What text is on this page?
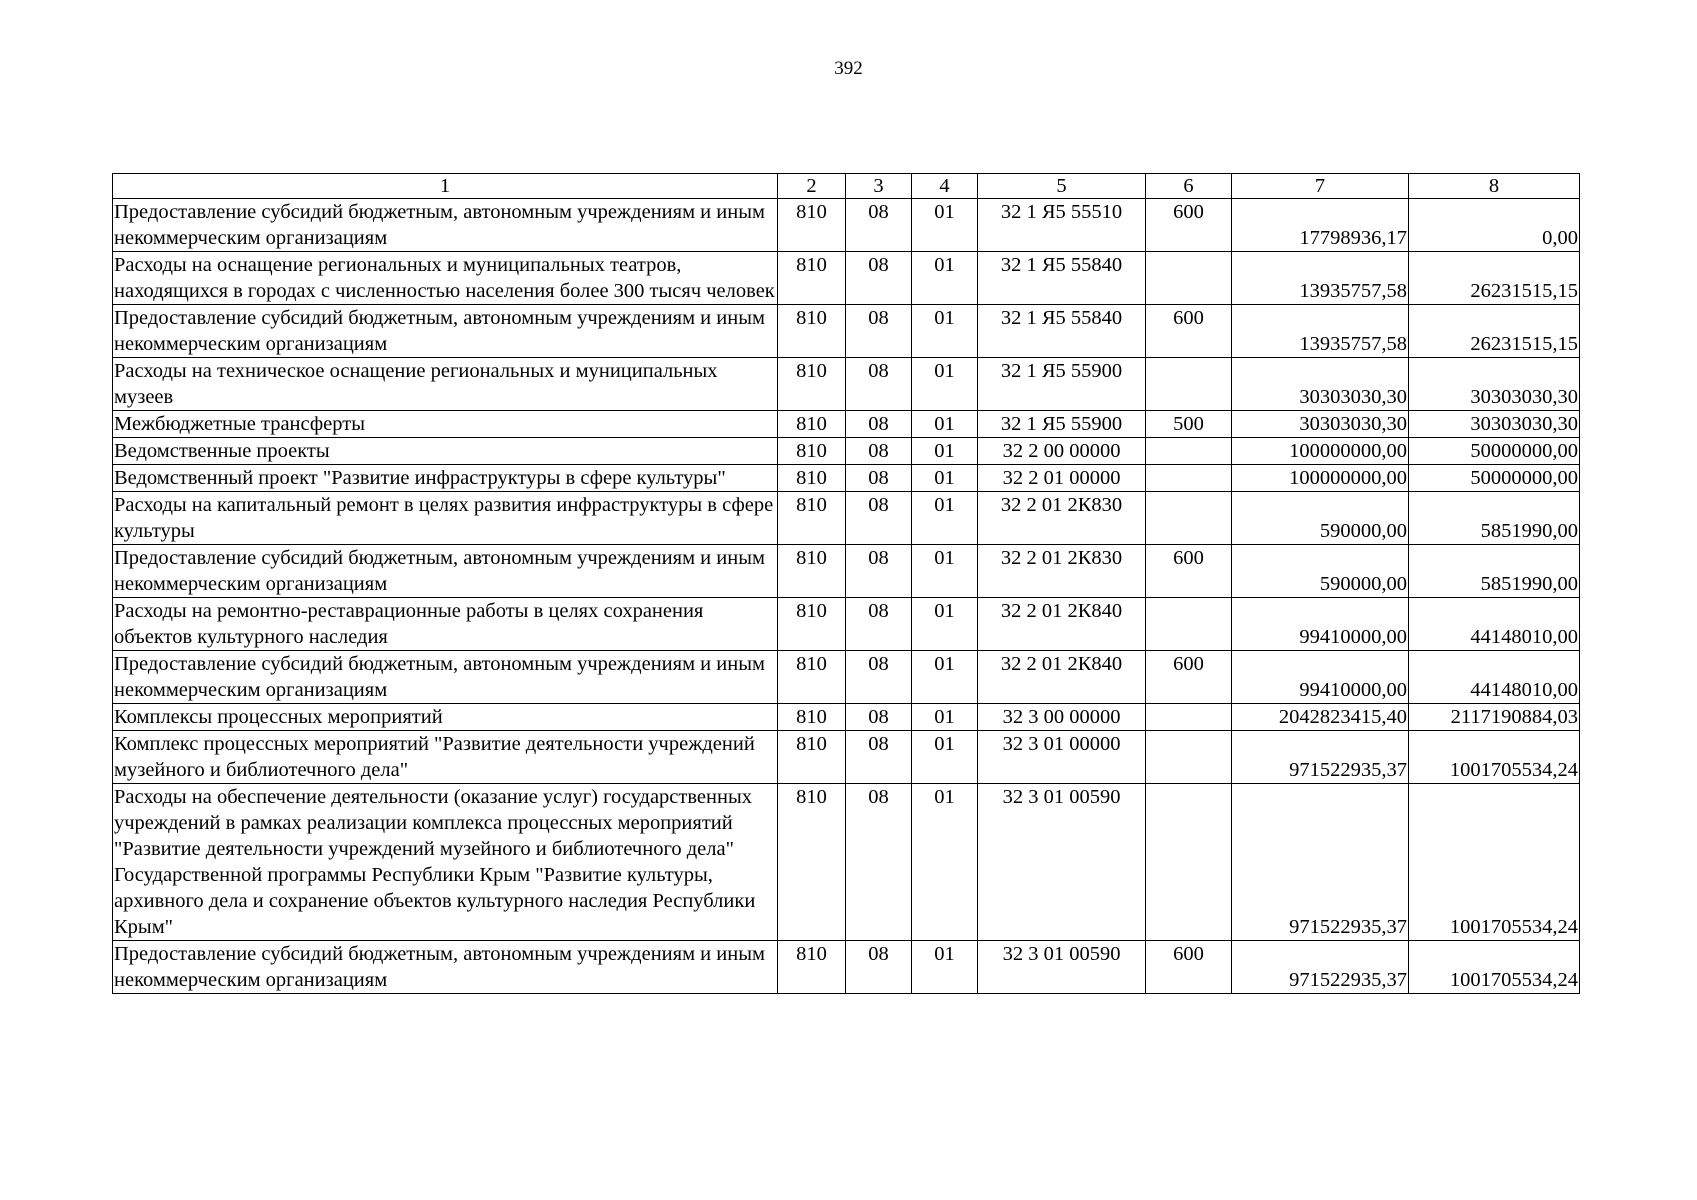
392
1	2	3	4	5	6	7	8
Предоставление субсидий бюджетным, автономным учреждениям и иным некоммерческим организациям	810	08	01	32 1 Я5 55510	600	17798936,17	0,00
Расходы на оснащение региональных и муниципальных театров, находящихся в городах с численностью населения более 300 тысяч человек	810	08	01	32 1 Я5 55840		13935757,58	26231515,15
Предоставление субсидий бюджетным, автономным учреждениям и иным некоммерческим организациям	810	08	01	32 1 Я5 55840	600	13935757,58	26231515,15
Расходы на техническое оснащение региональных и муниципальных музеев	810	08	01	32 1 Я5 55900		30303030,30	30303030,30
Межбюджетные трансферты	810	08	01	32 1 Я5 55900	500	30303030,30	30303030,30
Ведомственные проекты	810	08	01	32 2 00 00000		100000000,00	50000000,00
Ведомственный проект "Развитие инфраструктуры в сфере культуры"	810	08	01	32 2 01 00000		100000000,00	50000000,00
Расходы на капитальный ремонт в целях развития инфраструктуры в сфере культуры	810	08	01	32 2 01 2К830		590000,00	5851990,00
Предоставление субсидий бюджетным, автономным учреждениям и иным некоммерческим организациям	810	08	01	32 2 01 2К830	600	590000,00	5851990,00
Расходы на ремонтно-реставрационные работы в целях сохранения объектов культурного наследия	810	08	01	32 2 01 2К840		99410000,00	44148010,00
Предоставление субсидий бюджетным, автономным учреждениям и иным некоммерческим организациям	810	08	01	32 2 01 2К840	600	99410000,00	44148010,00
Комплексы процессных мероприятий	810	08	01	32 3 00 00000		2042823415,40	2117190884,03
Комплекс процессных мероприятий "Развитие деятельности учреждений музейного и библиотечного дела"	810	08	01	32 3 01 00000		971522935,37	1001705534,24
Расходы на обеспечение деятельности (оказание услуг) государственных учреждений в рамках реализации комплекса процессных мероприятий "Развитие деятельности учреждений музейного и библиотечного дела" Государственной программы Республики Крым "Развитие культуры, архивного дела и сохранение объектов культурного наследия Республики Крым"	810	08	01	32 3 01 00590		971522935,37	1001705534,24
Предоставление субсидий бюджетным, автономным учреждениям и иным некоммерческим организациям	810	08	01	32 3 01 00590	600	971522935,37	1001705534,24
